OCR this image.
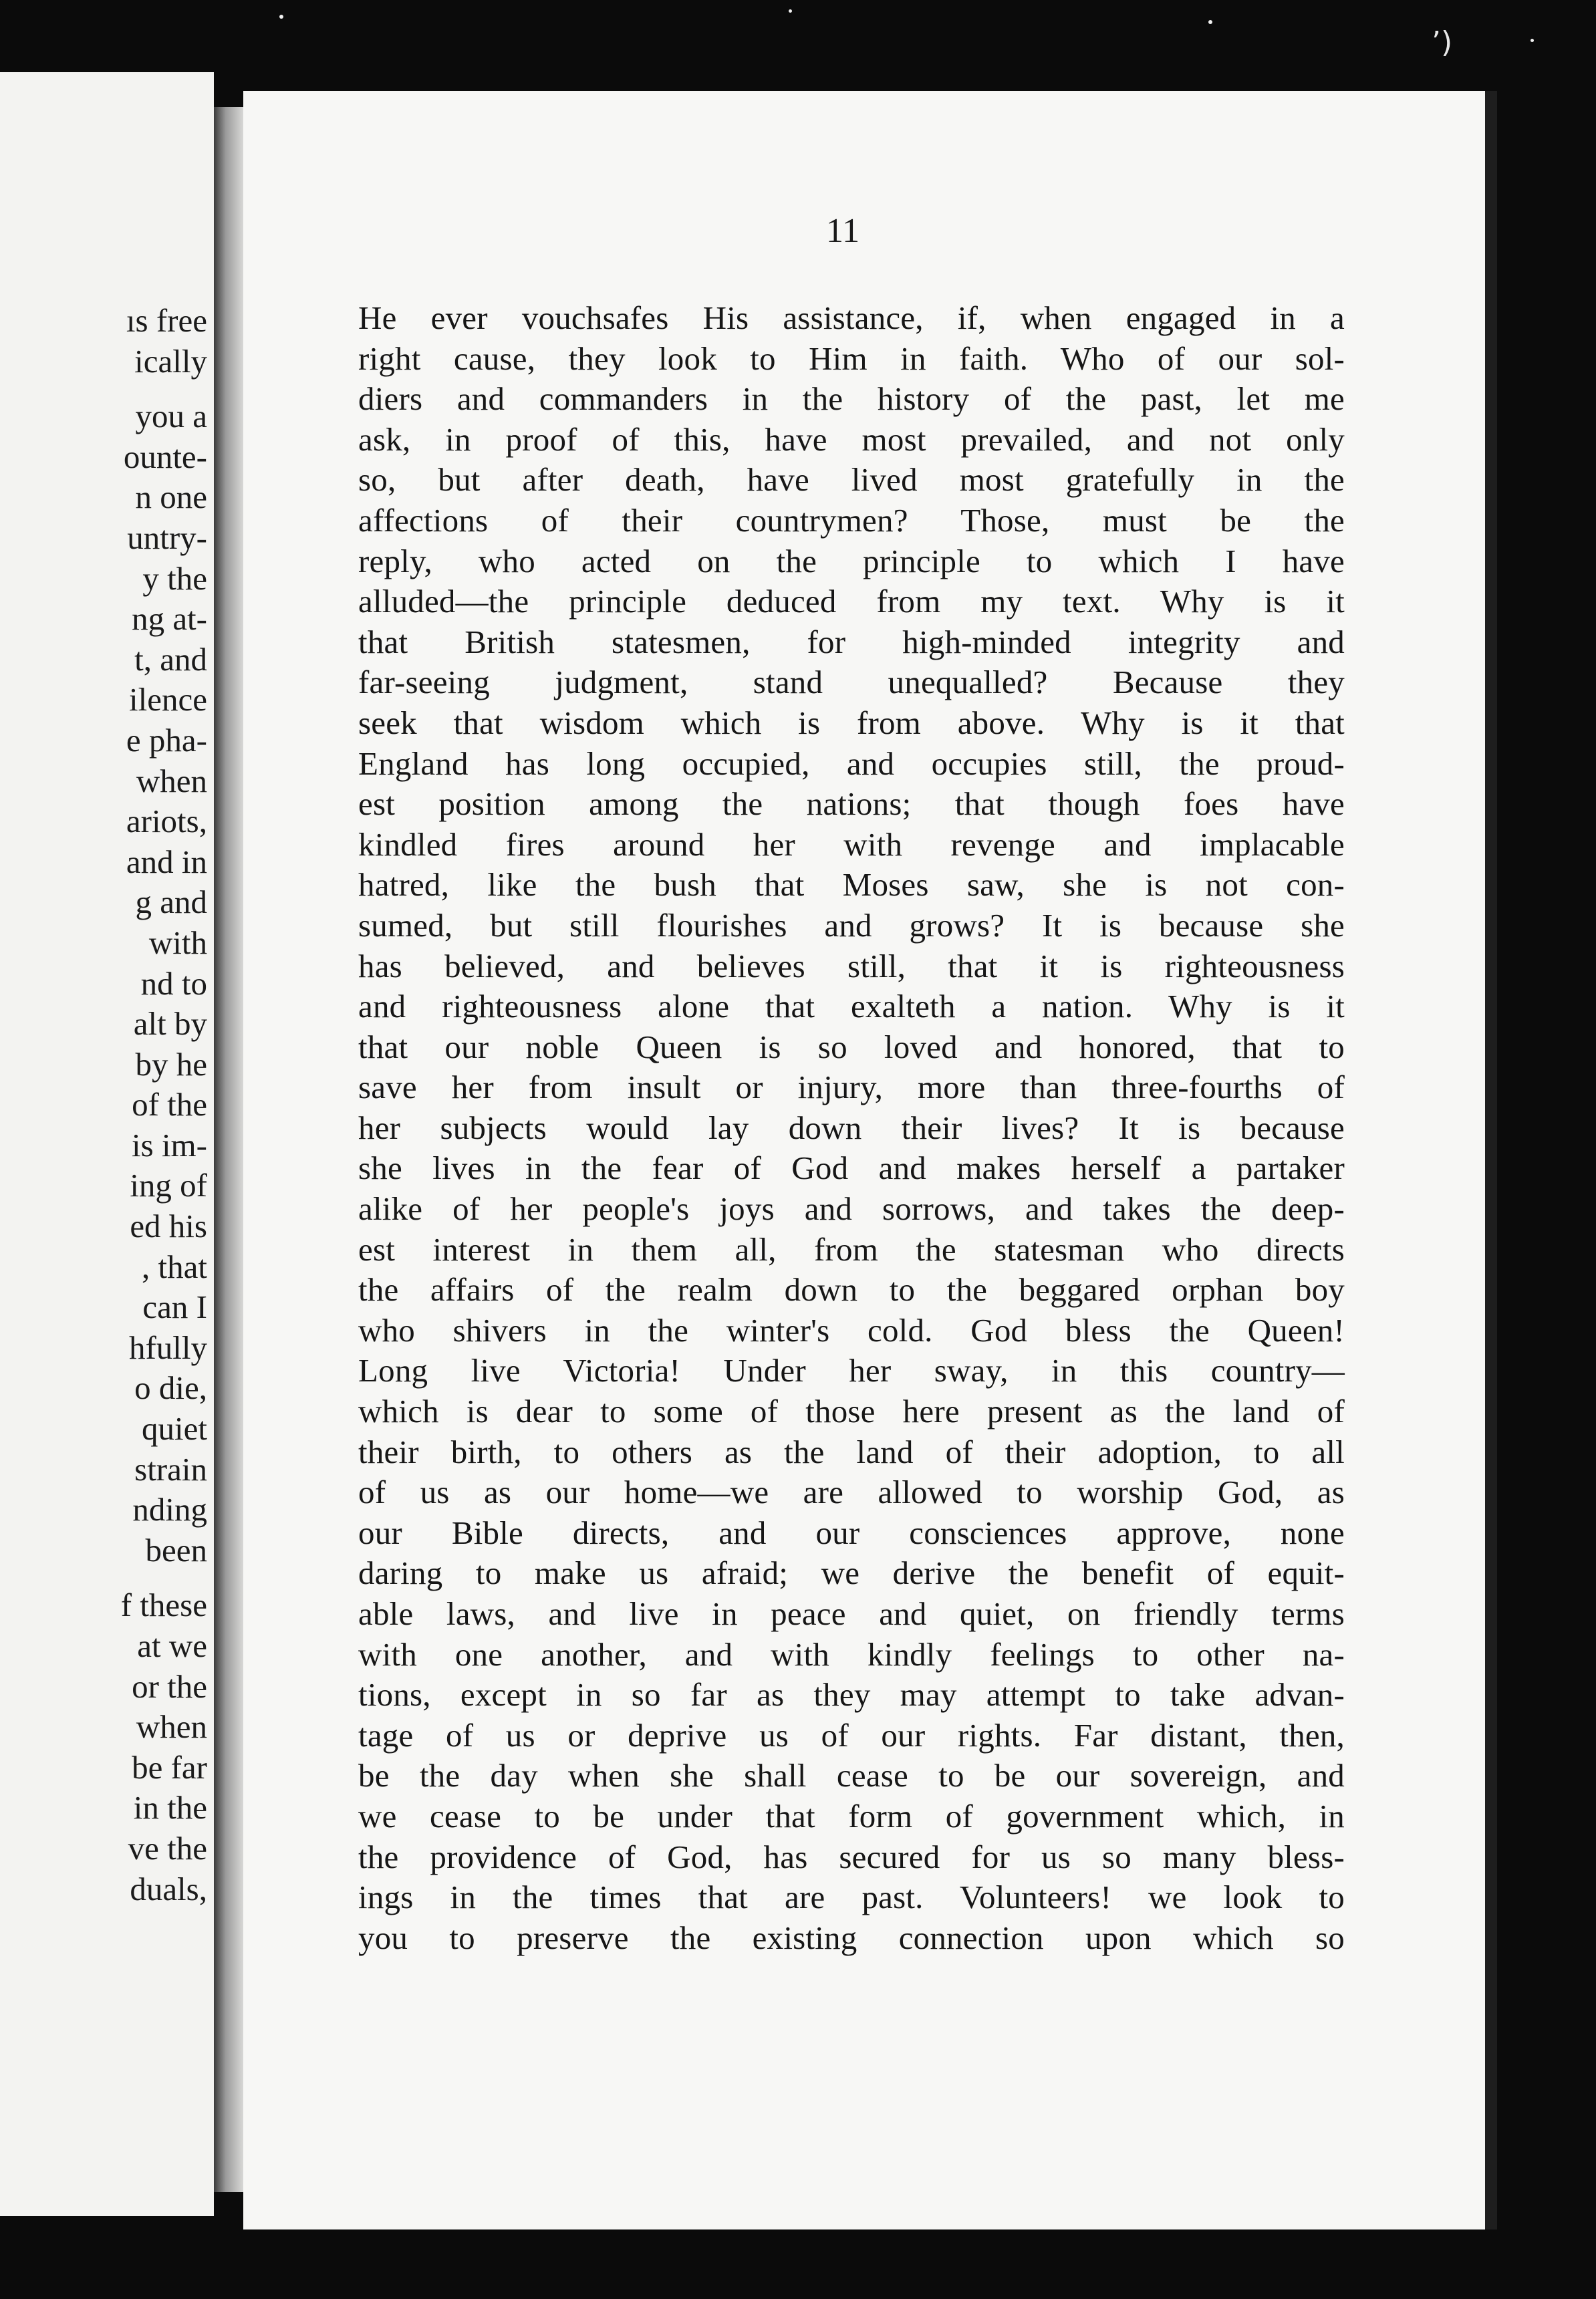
ʼ)
ıs free
ically
you a
ounte-
n one
untry-
y the
ng at-
t, and
ilence
e pha-
when
ariots,
and in
g and
with
nd to
alt by
by he
of the
is im-
ing of
ed his
, that
can I
hfully
o die,
quiet
strain
nding
been
f these
at we
or the
when
be far
in the
ve the
duals,
11
He ever vouchsafes His assistance, if, when engaged in a
right cause, they look to Him in faith. Who of our sol-
diers and commanders in the history of the past, let me
ask, in proof of this, have most prevailed, and not only
so, but after death, have lived most gratefully in the
affections of their countrymen? Those, must be the
reply, who acted on the principle to which I have
alluded—the principle deduced from my text. Why is it
that British statesmen, for high-minded integrity and
far-seeing judgment, stand unequalled? Because they
seek that wisdom which is from above. Why is it that
England has long occupied, and occupies still, the proud-
est position among the nations; that though foes have
kindled fires around her with revenge and implacable
hatred, like the bush that Moses saw, she is not con-
sumed, but still flourishes and grows? It is because she
has believed, and believes still, that it is righteousness
and righteousness alone that exalteth a nation. Why is it
that our noble Queen is so loved and honored, that to
save her from insult or injury, more than three-fourths of
her subjects would lay down their lives? It is because
she lives in the fear of God and makes herself a partaker
alike of her people's joys and sorrows, and takes the deep-
est interest in them all, from the statesman who directs
the affairs of the realm down to the beggared orphan boy
who shivers in the winter's cold. God bless the Queen!
Long live Victoria! Under her sway, in this country—
which is dear to some of those here present as the land of
their birth, to others as the land of their adoption, to all
of us as our home—we are allowed to worship God, as
our Bible directs, and our consciences approve, none
daring to make us afraid; we derive the benefit of equit-
able laws, and live in peace and quiet, on friendly terms
with one another, and with kindly feelings to other na-
tions, except in so far as they may attempt to take advan-
tage of us or deprive us of our rights. Far distant, then,
be the day when she shall cease to be our sovereign, and
we cease to be under that form of government which, in
the providence of God, has secured for us so many bless-
ings in the times that are past. Volunteers! we look to
you to preserve the existing connection upon which so
